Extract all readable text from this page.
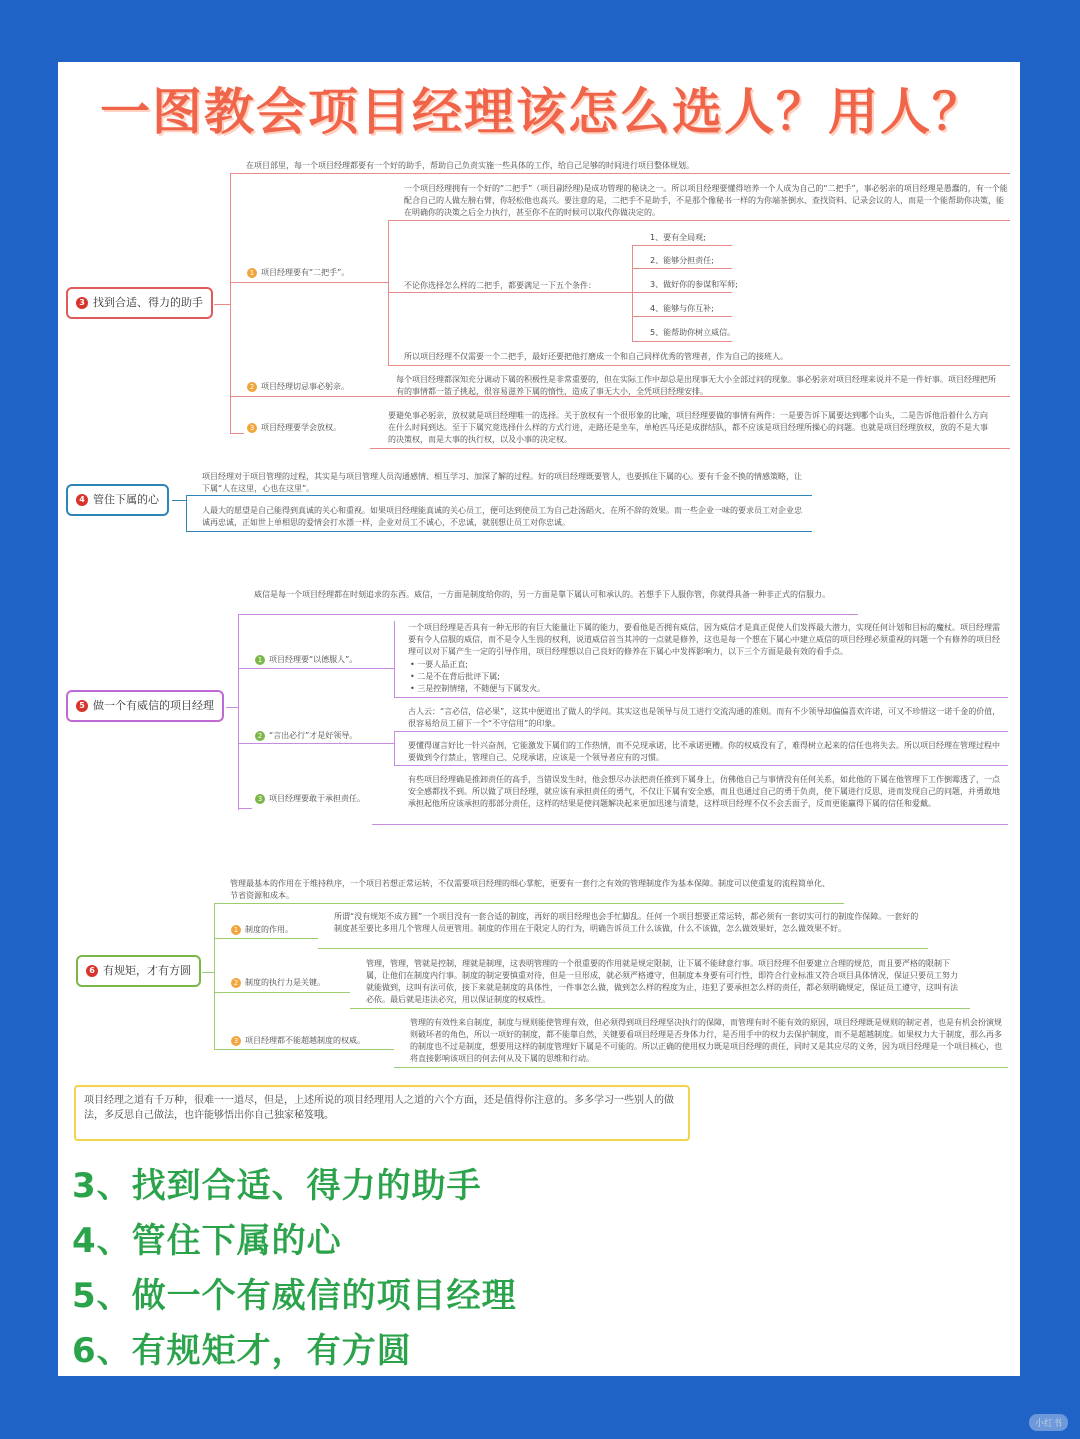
一图教会项目经理该怎么选人？用人？
3 找到合适、得力的助手
在项目部里，每一个项目经理都要有一个好的助手，帮助自己负责实施一些具体的工作，给自己足够的时间进行项目整体规划。
1 项目经理要有“二把手”。
一个项目经理拥有一个好的“二把手”（项目副经理)是成功管理的秘诀之一。所以项目经理要懂得培养一个人成为自己的“二把手”，事必躬亲的项目经理是愚蠢的，有一个能配合自己的人做左膀右臂，你轻松他也高兴。要注意的是，二把手不是助手，不是那个像秘书一样的为你端茶倒水、查找资料、记录会议的人，而是一个能帮助你决策，能在明确你的决策之后全力执行，甚至你不在的时候可以取代你做决定的。
不论你选择怎么样的二把手，都要满足一下五个条件：
1、要有全局观;
2、能够分担责任;
3、做好你的参谋和军师;
4、能够与你互补;
5、能帮助你树立威信。
所以项目经理不仅需要一个二把手，最好还要把他打磨成一个和自己同样优秀的管理者，作为自己的接班人。
2 项目经理切忌事必躬亲。
每个项目经理都深知充分调动下属的积极性是非常重要的，但在实际工作中却总是出现事无大小全部过问的现象。事必躬亲对项目经理来说并不是一件好事。项目经理把所有的事情都一篮子挑起，很容易滋养下属的惰性，造成了事无大小，全凭项目经理安排。
3 项目经理要学会放权。
要避免事必躬亲，放权就是项目经理唯一的选择。关于放权有一个很形象的比喻，项目经理要做的事情有两件：一是要告诉下属要达到哪个山头，二是告诉他沿着什么方向在什么时间到达。至于下属究竟选择什么样的方式行进，走路还是坐车，单枪匹马还是成群结队，都不应该是项目经理所操心的问题。也就是项目经理放权，放的不是大事的决策权，而是大事的执行权，以及小事的决定权。
4 管住下属的心
项目经理对于项目管理的过程，其实是与项目管理人员沟通感情、相互学习、加深了解的过程。好的项目经理既要管人，也要抓住下属的心。要有千金不换的情感策略，让下属“人在这里，心也在这里”。
人最大的愿望是自己能得到真诚的关心和重视。如果项目经理能真诚的关心员工，便可达到使员工为自己赴汤蹈火、在所不辞的效果。而一些企业一味的要求员工对企业忠诚再忠诚，正如世上单相思的爱情会打水漂一样，企业对员工不诚心，不忠诚，就别想让员工对你忠诚。
5 做一个有威信的项目经理
威信是每一个项目经理都在时刻追求的东西。威信，一方面是制度给你的，另一方面是靠下属认可和承认的。若想手下人服你管，你就得具备一种非正式的信服力。
1 项目经理要“以德服人”。
一个项目经理是否具有一种无形的有巨大能量让下属的能力，要看他是否拥有威信，因为威信才是真正促使人们发挥最大潜力，实现任何计划和目标的魔杖。项目经理需要有令人信服的威信，而不是令人生畏的权利，说道威信首当其冲的一点就是修养，这也是每一个想在下属心中建立威信的项目经理必须重视的问题一个有修养的项目经理可以对下属产生一定的引导作用，项目经理想以自己良好的修养在下属心中发挥影响力，以下三个方面是最有效的看手点。
• 一要人品正直;
• 二是不在背后批评下属;
• 三是控制情绪，不随便与下属发火。
2 “言出必行”才是好领导。
古人云：“言必信，信必果”，这其中便道出了做人的学问。其实这也是领导与员工进行交流沟通的准则。而有不少领导却偏偏喜欢许诺，可又不珍惜这一诺千金的价值，很容易给员工留下一个“不守信用”的印象。
要懂得谨言好比一针兴奋剂，它能激发下属们的工作热情，而不兑现承诺，比不承诺更糟。你的权威没有了，难得树立起来的信任也将失去。所以项目经理在管理过程中要做到令行禁止，管理自己、兑现承诺，应该是一个领导者应有的习惯。
3 项目经理要敢于承担责任。
有些项目经理确是推卸责任的高手，当错误发生时，他会想尽办法把责任推到下属身上，仿佛他自己与事情没有任何关系，如此他的下属在他管理下工作倒霉透了，一点安全感都找不到。所以做了项目经理，就应该有承担责任的勇气，不仅让下属有安全感，而且也通过自己的勇于负责，使下属进行反思，进而发现自己的问题，并勇敢地承担起他所应该承担的那部分责任，这样的结果是使问题解决起来更加迅速与清楚，这样项目经理不仅不会丢面子，反而更能赢得下属的信任和爱戴。
6 有规矩，才有方圆
管理最基本的作用在于维持秩序，一个项目若想正常运转，不仅需要项目经理的细心掌舵，更要有一套行之有效的管理制度作为基本保障。制度可以使重复的流程简单化、节省资源和成本。
1 制度的作用。
所谓“没有规矩不成方圆”一个项目没有一套合适的制度，再好的项目经理也会手忙脚乱。任何一个项目想要正常运转，都必须有一套切实可行的制度作保障。一套好的制度甚至要比多用几个管理人员更管用。制度的作用在于限定人的行为，明确告诉员工什么该做，什么不该做，怎么做效果好，怎么做效果不好。
2 制度的执行力是关键。
管理，管理，管就是控制，理就是制理，这表明管理的一个很重要的作用就是规定限制，让下属不能肆意行事。项目经理不但要建立合理的规范，而且要严格的限制下属，让他们在制度内行事。制度的制定要慎重对待，但是一旦形成，就必须严格遵守，但制度本身要有可行性，即符合行业标准又符合项目具体情况，保证只要员工努力就能做到，这叫有法可依，接下来就是制度的具体性，一件事怎么做，做到怎么样的程度为止，违犯了要承担怎么样的责任，都必须明确规定，保证员工遵守，这叫有法必依。最后就是违法必究，用以保证制度的权威性。
3 项目经理都不能超越制度的权威。
管理的有效性来自制度，制度与规则能使管理有效，但必须得到项目经理坚决执行的保障，而管理有时不能有效的原因，项目经理既是规则的制定者，也是有机会扮演规则破坏者的角色，所以一项好的制度，都不能靠自然，关键要看项目经理是否身体力行，是否用手中的权力去保护制度，而不是超越制度。如果权力大于制度，那么再多的制度也不过是制度，想要用这样的制度管理好下属是不可能的。所以正确的使用权力既是项目经理的责任，同时又是其应尽的义务，因为项目经理是一个项目核心，也将直接影响该项目的何去何从及下属的思维和行动。
项目经理之道有千万种，很难一一道尽，但是，上述所说的项目经理用人之道的六个方面，还是值得你注意的。多多学习一些别人的做法，多反思自己做法，也许能够悟出你自己独家秘笈哦。
3、找到合适、得力的助手
4、管住下属的心
5、做一个有威信的项目经理
6、有规矩才，有方圆
小红书
